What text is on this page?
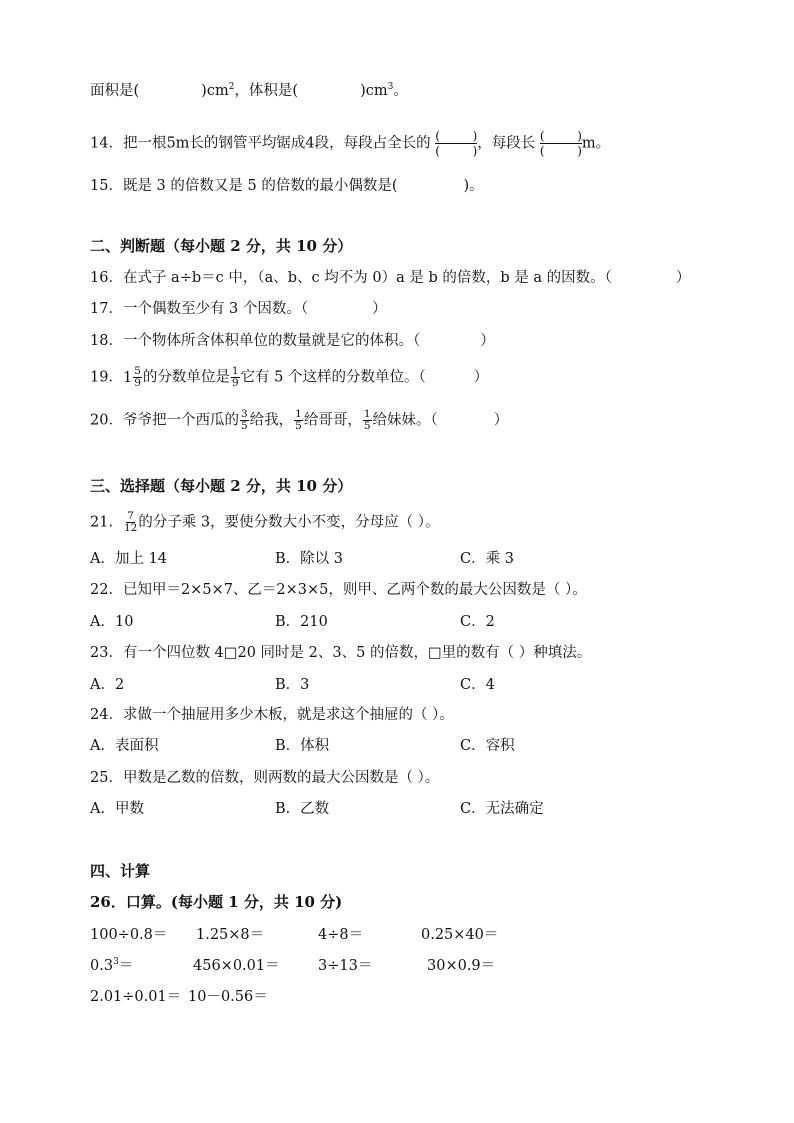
面积是(	)$cm^2$，体积是(	)$cm^3$。
14．把一根5m长的钢管平均锯成4段，每段占全长的 (	)
(	) ，每段长 (	)
(	) m。
15．既是 3 的倍数又是 5 的倍数的最小偶数是(	)。
二、判断题（每小题 2 分，共 10 分）
16．在式子 a÷b＝c 中，（a、b、c 均不为 0）a 是 b 的倍数，b 是 a 的因数。（	）
17．一个偶数至少有 3 个因数。（	）
18．一个物体所含体积单位的数量就是它的体积。（	）
19． $1 \frac{5}{9}$ 的分数单位是 $\frac{1}{9}$ 它有 5 个这样的分数单位。（	）
20．爷爷把一个西瓜的 $\frac{3}{5}$ 给我， $\frac{1}{5}$ 给哥哥， $\frac{1}{5}$ 给妹妹。（	）
三、选择题（每小题 2 分，共 10 分）
21． $\frac{7}{12}$ 的分子乘 3，要使分数大小不变，分母应（ ）。
A．加上 14	B．除以 3	C．乘 3
22．已知甲＝2×5×7、乙＝2×3×5，则甲、乙两个数的最大公因数是（ ）。
A．10	B．210	C．2
23．有一个四位数 4□20 同时是 2、3、5 的倍数，□里的数有（ ）种填法。
A．2	B．3	C．4
24．求做一个抽屉用多少木板，就是求这个抽屉的（ ）。
A．表面积	B．体积	C．容积
25．甲数是乙数的倍数，则两数的最大公因数是（ ）。
A．甲数	B．乙数	C．无法确定
四、计算
26．口算。(每小题 1 分，共 10 分)
100÷0.8＝ 1.25×8＝	4÷8＝	0.25×40＝
$0.3^3=$	456×0.01＝	3÷13＝	30×0.9＝
2.01÷0.01＝ 10－0.56＝
